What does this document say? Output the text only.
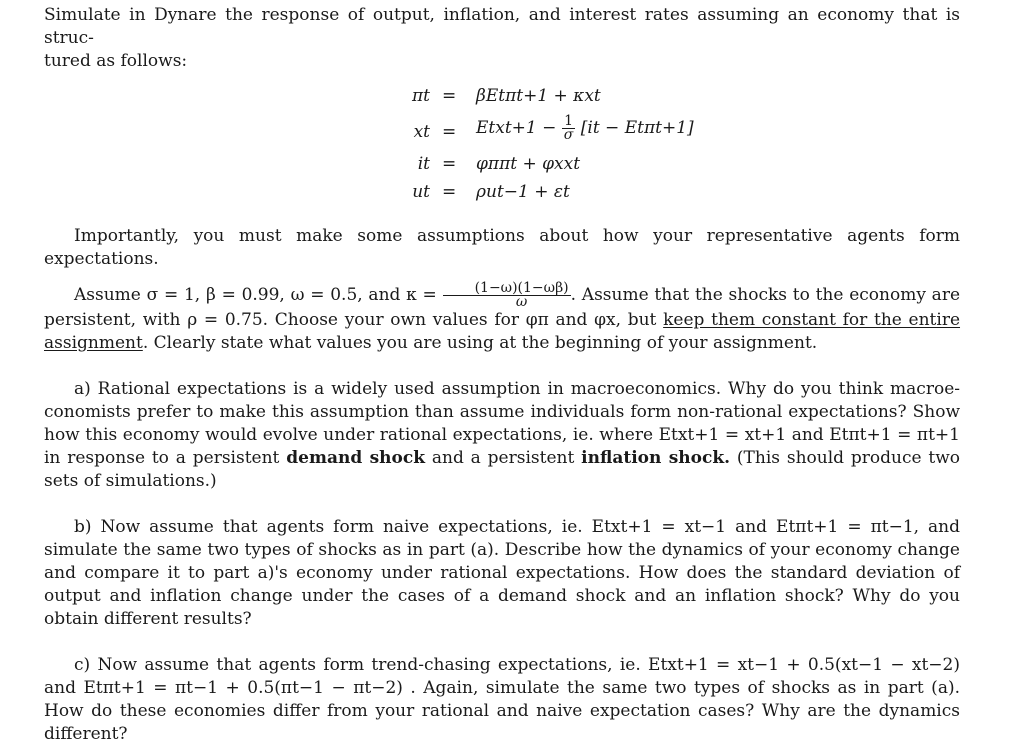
Simulate in Dynare the response of output, inflation, and interest rates assuming an economy that is struc-
tured as follows:

πt = βEtπt+1 + κxt
xt = Etxt+1 − $\frac{1}{\sigma} [it - Et\pi t+1]$
it = φππt + φxxt
ut = ρut−1 + εt

Importantly, you must make some assumptions about how your representative agents form expectations.

Assume σ = 1, β = 0.99, ω = 0.5, and $\kappa = \frac{(1-\omega)(1-\omega\beta)}{\omega}$ . Assume that the shocks to the economy are persistent, with ρ = 0.75. Choose your own values for φπ and φx, but keep them constant for the entire assignment. Clearly state what values you are using at the beginning of your assignment.

a) Rational expectations is a widely used assumption in macroeconomics. Why do you think macroe- conomists prefer to make this assumption than assume individuals form non-rational expectations? Show how this economy would evolve under rational expectations, ie. where Etxt+1 = xt+1 and Etπt+1 = πt+1 in response to a persistent demand shock and a persistent inflation shock. (This should produce two sets of simulations.)

b) Now assume that agents form naive expectations, ie. Etxt+1 = xt−1 and Etπt+1 = πt−1, and simulate the same two types of shocks as in part (a). Describe how the dynamics of your economy change and compare it to part a)'s economy under rational expectations. How does the standard deviation of output and inflation change under the cases of a demand shock and an inflation shock? Why do you obtain different results?

c) Now assume that agents form trend-chasing expectations, ie. Etxt+1 = xt−1 + 0.5(xt−1 − xt−2) and Etπt+1 = πt−1 + 0.5(πt−1 − πt−2) . Again, simulate the same two types of shocks as in part (a). How do these economies differ from your rational and naive expectation cases? Why are the dynamics different?
